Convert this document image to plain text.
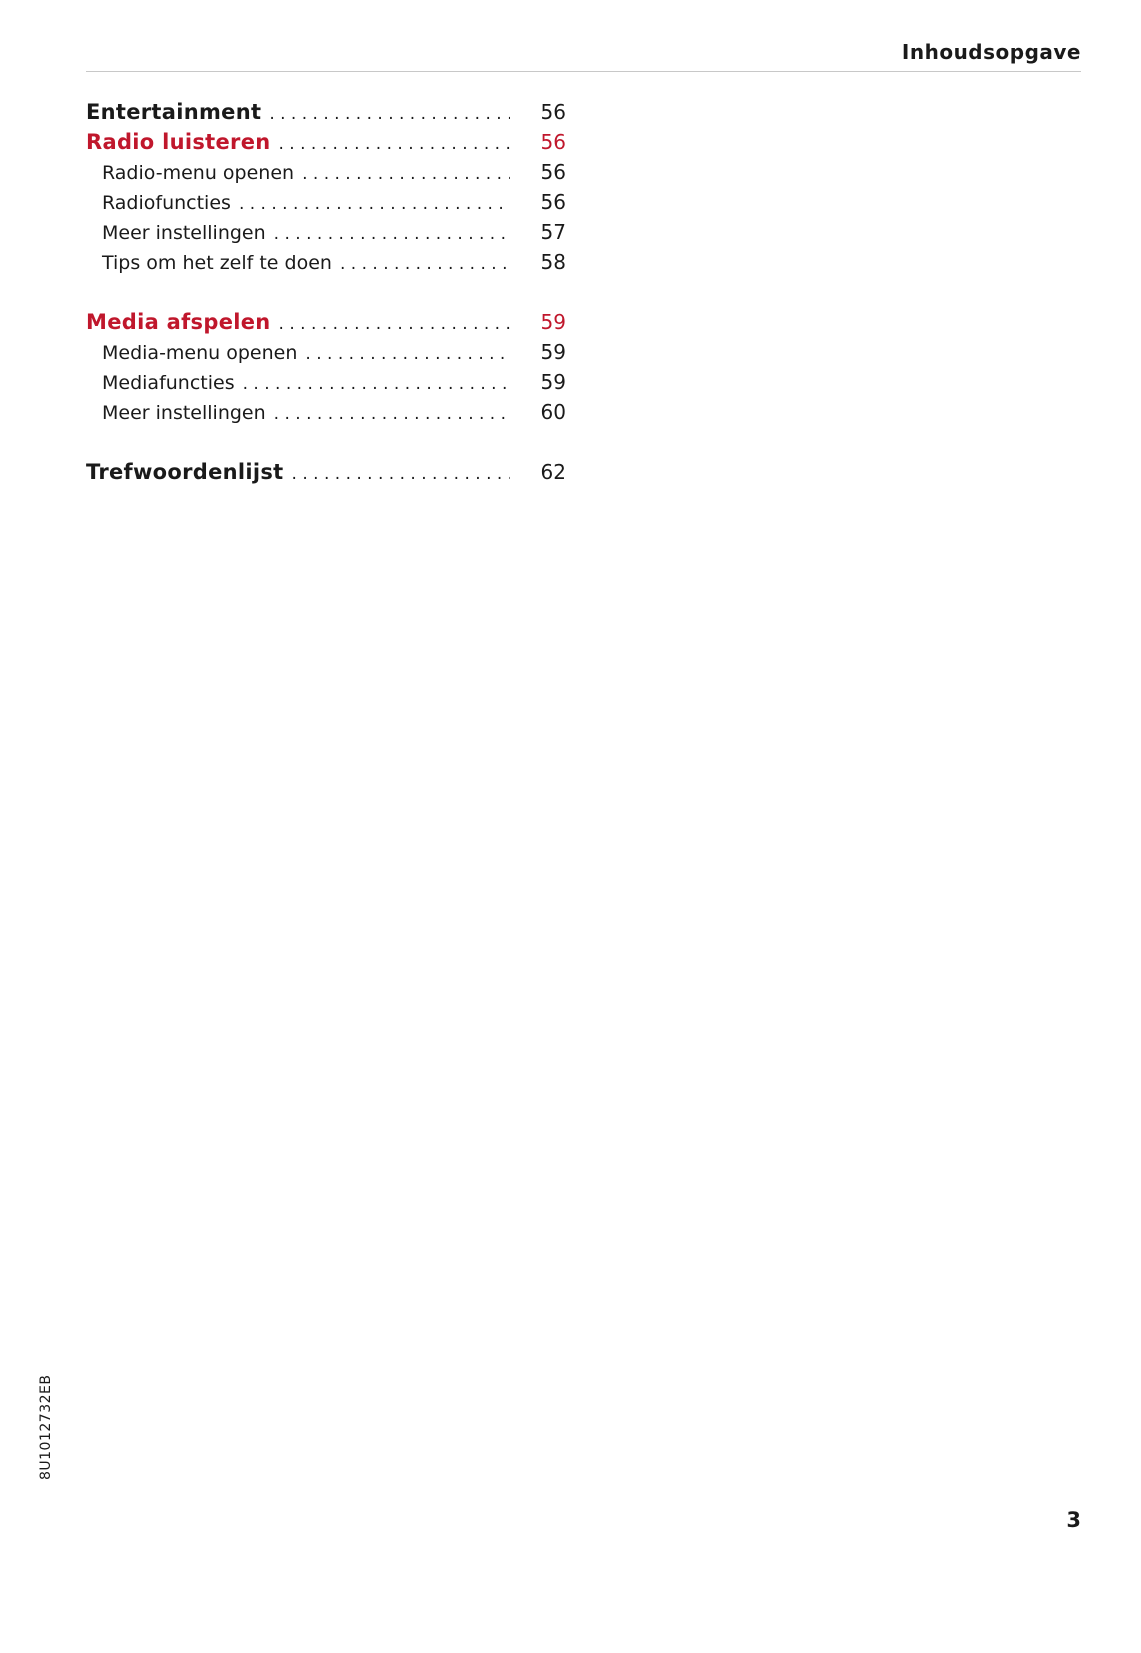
Inhoudsopgave
Entertainment . . .	56
Radio luisteren . . .	56
Radio-menu openen . . .	56
Radiofuncties . . .	56
Meer instellingen . . .	57
Tips om het zelf te doen . . .	58
Media afspelen . . .	59
Media-menu openen . . .	59
Mediafuncties . . .	59
Meer instellingen . . .	60
Trefwoordenlijst . . .	62
8U1012732EB
3
